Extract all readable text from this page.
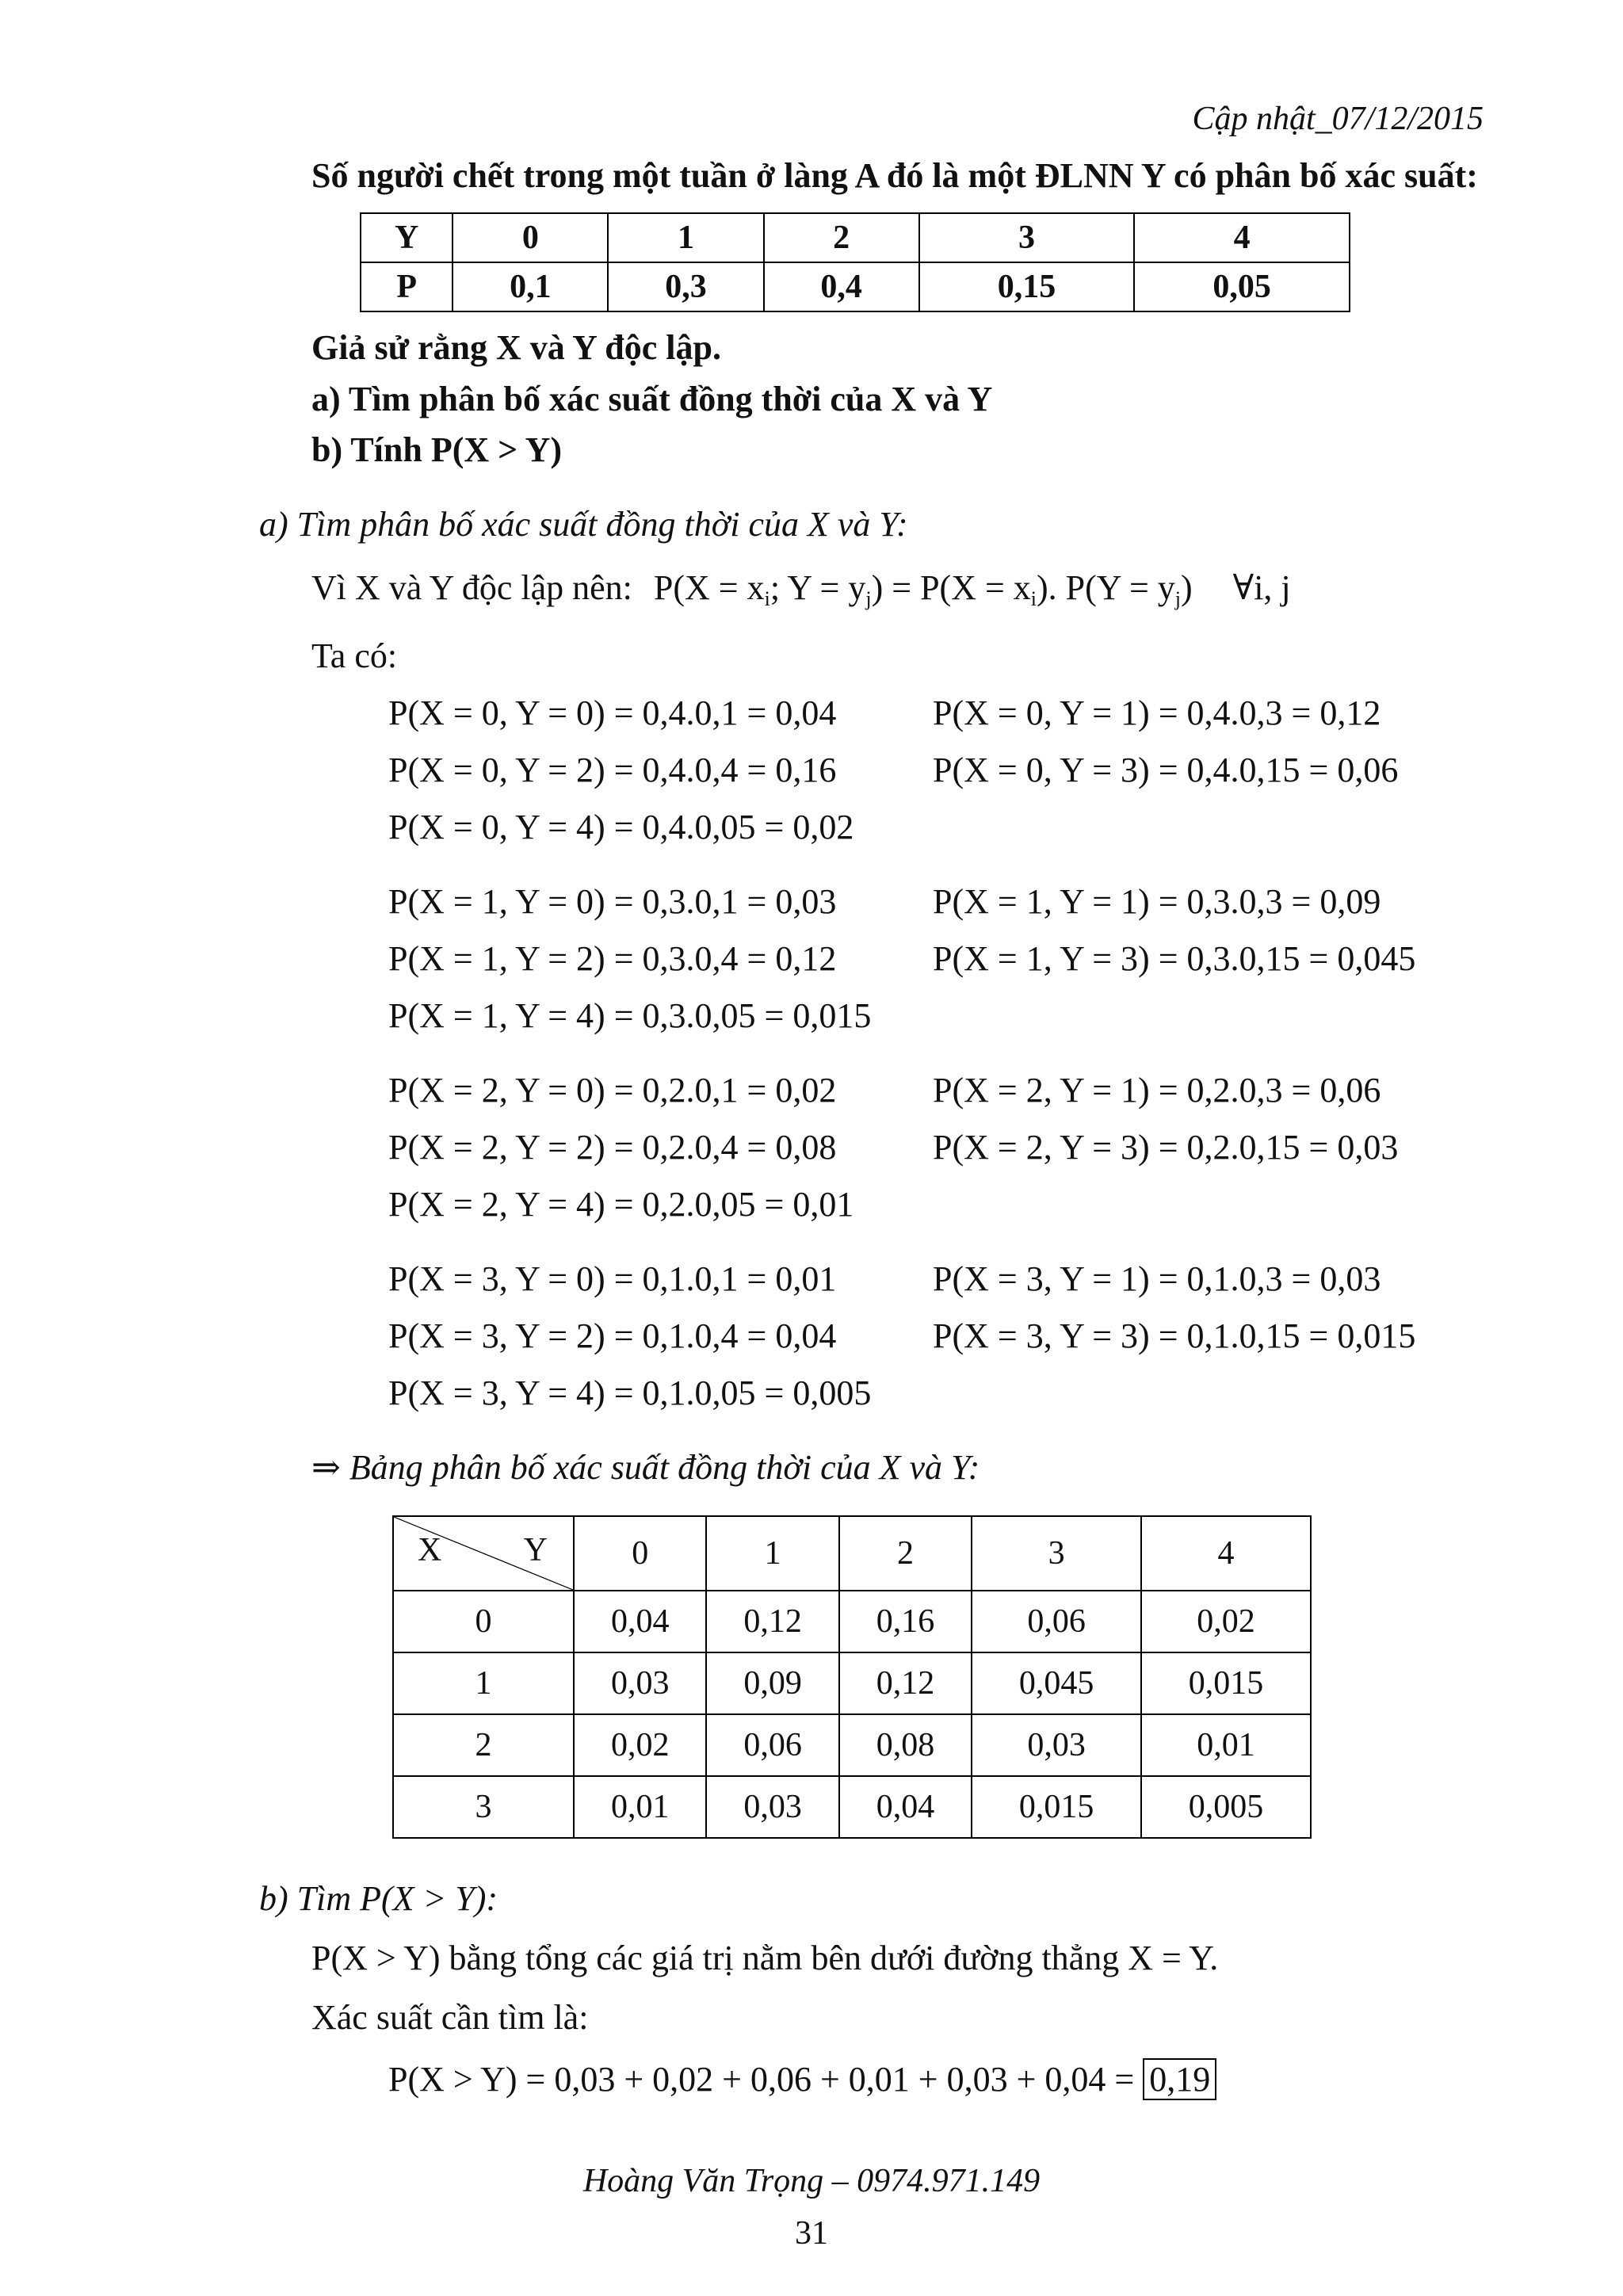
Cập nhật_07/12/2015
Số người chết trong một tuần ở làng A đó là một ĐLNN Y có phân bố xác suất:
Y	0	1	2	3	4
P	0,1	0,3	0,4	0,15	0,05
Giả sử rằng X và Y độc lập.
a) Tìm phân bố xác suất đồng thời của X và Y
b) Tính P(X > Y)
a) Tìm phân bố xác suất đồng thời của X và Y:
Vì X và Y độc lập nên: $P(X = x_i$; $Y = y_j) = P(X = x_i)$. $P(Y = y_j)$ ∀i, j
Ta có:
P(X = 0, Y = 0) = 0,4.0,1 = 0,04	P(X = 0, Y = 1) = 0,4.0,3 = 0,12
P(X = 0, Y = 2) = 0,4.0,4 = 0,16	P(X = 0, Y = 3) = 0,4.0,15 = 0,06
P(X = 0, Y = 4) = 0,4.0,05 = 0,02
P(X = 1, Y = 0) = 0,3.0,1 = 0,03	P(X = 1, Y = 1) = 0,3.0,3 = 0,09
P(X = 1, Y = 2) = 0,3.0,4 = 0,12	P(X = 1, Y = 3) = 0,3.0,15 = 0,045
P(X = 1, Y = 4) = 0,3.0,05 = 0,015
P(X = 2, Y = 0) = 0,2.0,1 = 0,02	P(X = 2, Y = 1) = 0,2.0,3 = 0,06
P(X = 2, Y = 2) = 0,2.0,4 = 0,08	P(X = 2, Y = 3) = 0,2.0,15 = 0,03
P(X = 2, Y = 4) = 0,2.0,05 = 0,01
P(X = 3, Y = 0) = 0,1.0,1 = 0,01	P(X = 3, Y = 1) = 0,1.0,3 = 0,03
P(X = 3, Y = 2) = 0,1.0,4 = 0,04	P(X = 3, Y = 3) = 0,1.0,15 = 0,015
P(X = 3, Y = 4) = 0,1.0,05 = 0,005
⇒ Bảng phân bố xác suất đồng thời của X và Y:
X Y	0	1	2	3	4
0	0,04	0,12	0,16	0,06	0,02
1	0,03	0,09	0,12	0,045	0,015
2	0,02	0,06	0,08	0,03	0,01
3	0,01	0,03	0,04	0,015	0,005
b) Tìm P(X > Y):
P(X > Y) bằng tổng các giá trị nằm bên dưới đường thẳng X = Y.
Xác suất cần tìm là:
P(X > Y) = 0,03 + 0,02 + 0,06 + 0,01 + 0,03 + 0,04 = 0,19
Hoàng Văn Trọng – 0974.971.149
31
